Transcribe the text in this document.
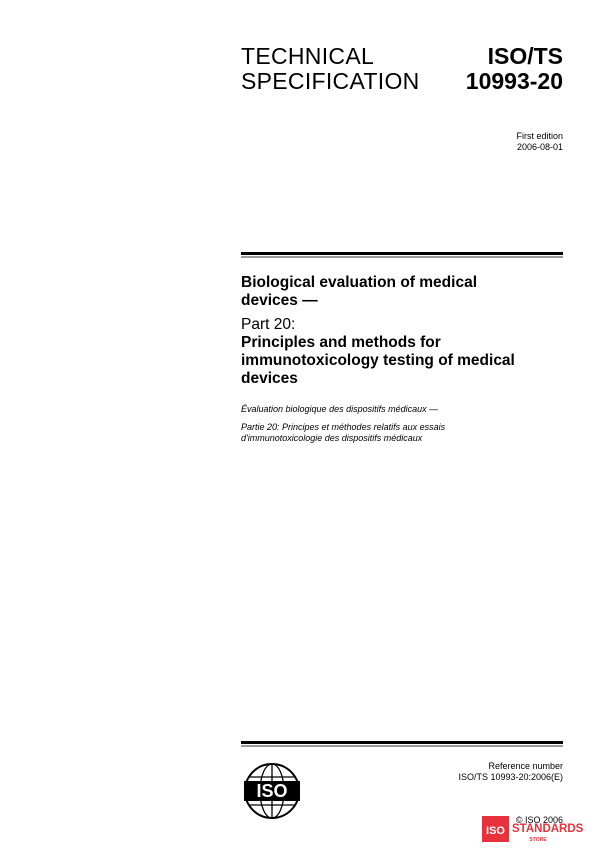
TECHNICAL
SPECIFICATION
ISO/TS
10993-20
First edition
2006-08-01
Biological evaluation of medical
devices —
Part 20:
Principles and methods for
immunotoxicology testing of medical
devices
Évaluation biologique des dispositifs médicaux —
Partie 20: Principes et méthodes relatifs aux essais
d'immunotoxicologie des dispositifs médicaux
Reference number
ISO/TS 10993-20:2006(E)
ISO
© ISO 2006
ISO STANDARDS
STORE
